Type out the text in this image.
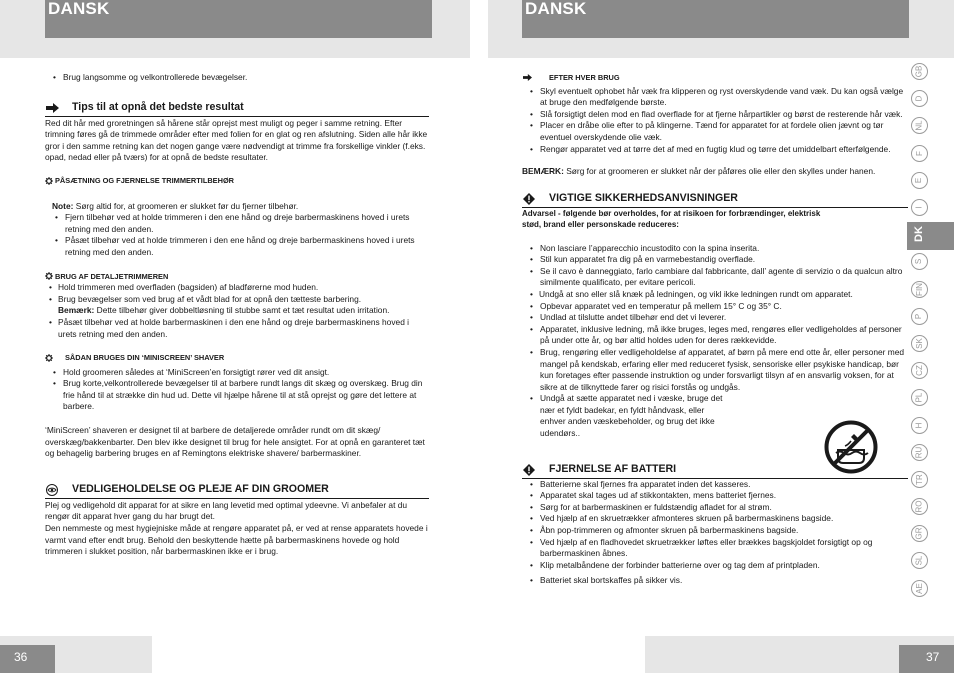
DANSK	DANSK
36	37
• Brug langsomme og velkontrollerede bevægelser.
Tips til at opnå det bedste resultat

Red dit hår med groretningen så hårene står oprejst mest muligt og peger i samme retning. Efter trimning føres gå de trimmede områder efter med folien for en glat og ren afslutning. Siden alle hår ikke gror i den samme retning kan det nogen gange være nødvendigt at trimme fra forskellige vinkler (f.eks. opad, nedad eller på tværs) for at opnå de bedste resultater.

PÅSÆTNING OG FJERNELSE TRIMMERTILBEHØR

Note: Sørg altid for, at groomeren er slukket før du fjerner tilbehør.

• Fjern tilbehør ved at holde trimmeren i den ene hånd og dreje barbermaskinens hoved i urets retning med den anden.
• Påsæt tilbehør ved at holde trimmeren i den ene hånd og dreje barbermaskinens hoved i urets retning med den anden.
BRUG AF DETALJETRIMMEREN
• Hold trimmeren med overfladen (bagsiden) af bladførerne mod huden.
• Brug bevægelser som ved brug af et vådt blad for at opnå den tætteste barbering.

Bemærk: Dette tilbehør giver dobbeltløsning til stubbe samt et tæt resultat uden irritation.

• Påsæt tilbehør ved at holde barbermaskinen i den ene hånd og dreje barbermaskinens hoved i urets retning med den anden.
SÅDAN BRUGES DIN ‘MINISCREEN’ SHAVER
• Hold groomeren således at ‘MiniScreen’en forsigtigt rører ved dit ansigt.
• Brug korte,velkontrollerede bevægelser til at barbere rundt langs dit skæg og overskæg. Brug din frie hånd til at strække din hud ud. Dette vil hjælpe hårene til at stå oprejst og gøre det lettere at barbere.

‘MiniScreen’ shaveren er designet til at barbere de detaljerede områder rundt om dit skæg/ overskæg/bakkenbarter. Den blev ikke designet til brug for hele ansigtet. For at opnå en garanteret tæt og behagelig barbering bruges en af Remingtons elektriske shavere/ barbermaskiner.

VEDLIGEHOLDELSE OG PLEJE AF DIN GROOMER

Plej og vedligehold dit apparat for at sikre en lang levetid med optimal ydeevne. Vi anbefaler at du rengør dit apparat hver gang du har brugt det.

Den nemmeste og mest hygiejniske måde at rengøre apparatet på, er ved at rense apparatets hovede i varmt vand efter endt brug. Behold den beskyttende hætte på barbermaskinens hovede og hold trimmeren i slukket position, når barbermaskinen ikke er i brug.

EFTER HVER BRUG
• Skyl eventuelt ophobet hår væk fra klipperen og ryst overskydende vand væk. Du kan også vælge at bruge den medfølgende børste.
• Slå forsigtigt delen mod en flad overflade for at fjerne hårpartikler og børst de resterende hår væk.
• Placer en dråbe olie efter to på klingerne. Tænd for apparatet for at fordele olien jævnt og tør eventuel overskydende olie væk.
• Rengør apparatet ved at tørre det af med en fugtig klud og tørre det umiddelbart efterfølgende.

BEMÆRK: Sørg for at groomeren er slukket når der påføres olie eller den skylles under hanen.

VIGTIGE SIKKERHEDSANVISNINGER

Advarsel - følgende bør overholdes, for at risikoen for forbrændinger, elektrisk stød, brand eller personskade reduceres:

• Non lasciare l’apparecchio incustodito con la spina inserita.
• Stil kun apparatet fra dig på en varmebestandig overflade.
• Se il cavo è danneggiato, farlo cambiare dal fabbricante, dall’ agente di servizio o da qualcun altro similmente qualificato, per evitare pericoli.
• Undgå at sno eller slå knæk på ledningen, og vikl ikke ledningen rundt om apparatet.
• Opbevar apparatet ved en temperatur på mellem 15° C og 35° C.
• Undlad at tilslutte andet tilbehør end det vi leverer.
• Apparatet, inklusive ledning, må ikke bruges, leges med, rengøres eller vedligeholdes af personer på under otte år, og bør altid holdes uden for deres rækkevidde.
• Brug, rengøring eller vedligeholdelse af apparatet, af børn på mere end otte år, eller personer med mangel på kendskab, erfaring eller med reduceret fysisk, sensoriske eller psykiske handicap, bør kun foretages efter passende instruktion og under forsvarligt tilsyn af en ansvarlig voksen, for at sikre at de tilknyttede farer og risici forstås og undgås.
• Undgå at sætte apparatet ned i væske, bruge det nær et fyldt badekar, en fyldt håndvask, eller enhver anden væskebeholder, og brug det ikke udendørs..
FJERNELSE AF BATTERI
• Batterierne skal fjernes fra apparatet inden det kasseres.
• Apparatet skal tages ud af stikkontakten, mens batteriet fjernes.
• Sørg for at barbermaskinen er fuldstændig afladet for al strøm.
• Ved hjælp af en skruetrækker afmonteres skruen på barbermaskinens bagside.
• Åbn pop-trimmeren og afmonter skruen på barbermaskinens bagside.
• Ved hjælp af en fladhovedet skruetrækker løftes eller brækkes bagskjoldet forsigtigt op og barbermaskinen åbnes.
• Klip metalbåndene der forbinder batterierne over og tag dem af printpladen.
• Batteriet skal bortskaffes på sikker vis.
GB
D
NL
F
E
I
S
FIN
P
SK
CZ
PL
H
RU
TR
RO
GR
SL
AE
DK
